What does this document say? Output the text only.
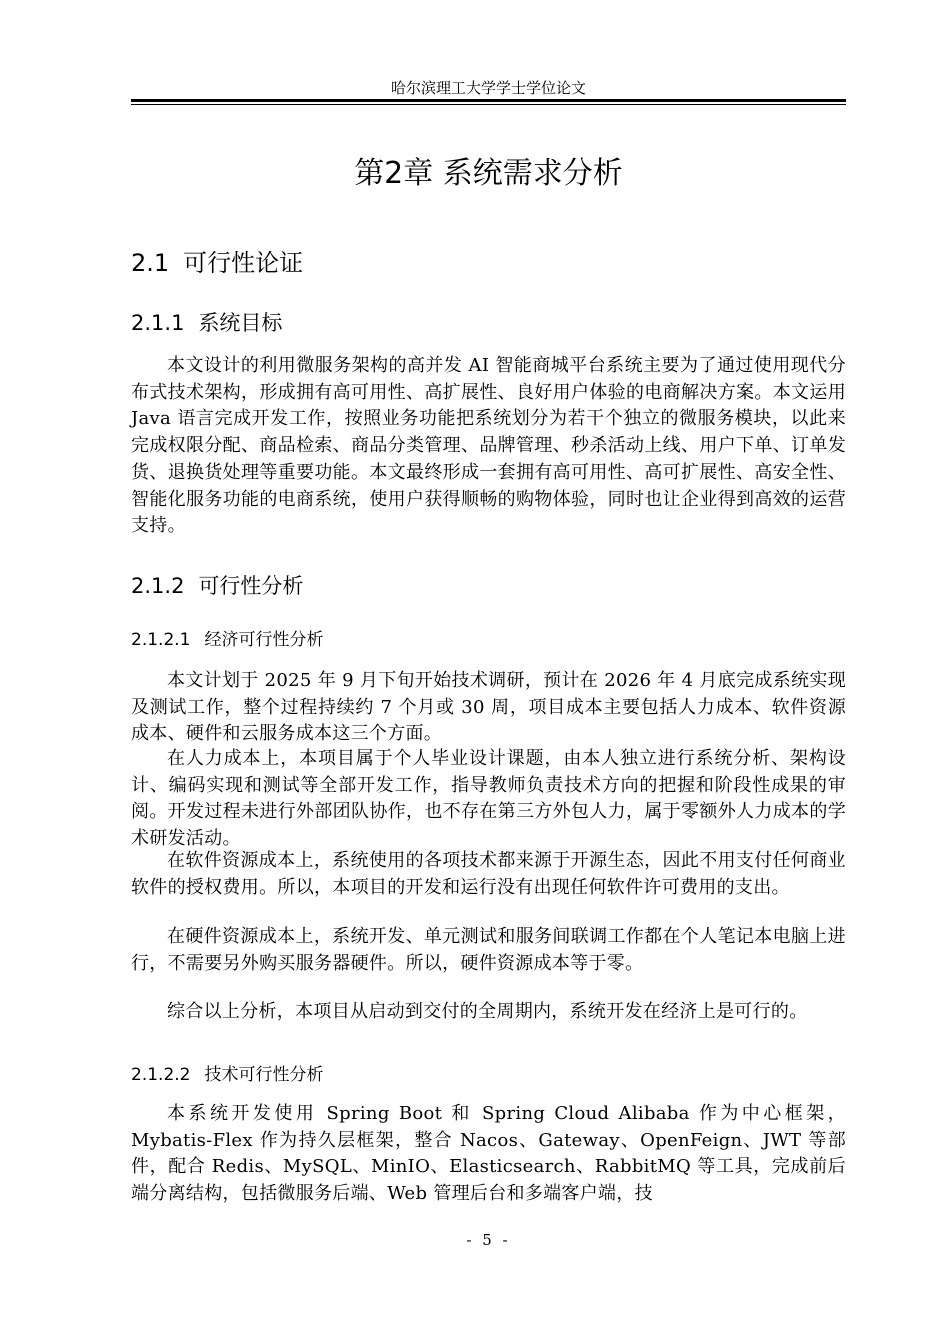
哈尔滨理工大学学士学位论文
第2章 系统需求分析
2.1 可行性论证
2.1.1 系统目标

本文设计的利用微服务架构的高并发 AI 智能商城平台系统主要为了通过使用现代分布式技术架构，形成拥有高可用性、高扩展性、良好用户体验的电商解决方案。本文运用 Java 语言完成开发工作，按照业务功能把系统划分为若干个独立的微服务模块，以此来完成权限分配、商品检索、商品分类管理、品牌管理、秒杀活动上线、用户下单、订单发货、退换货处理等重要功能。本文最终形成一套拥有高可用性、高可扩展性、高安全性、智能化服务功能的电商系统，使用户获得顺畅的购物体验，同时也让企业得到高效的运营支持。

2.1.2 可行性分析
2.1.2.1 经济可行性分析

本文计划于 2025 年 9 月下旬开始技术调研，预计在 2026 年 4 月底完成系统实现及测试工作，整个过程持续约 7 个月或 30 周，项目成本主要包括人力成本、软件资源成本、硬件和云服务成本这三个方面。

在人力成本上，本项目属于个人毕业设计课题，由本人独立进行系统分析、架构设计、编码实现和测试等全部开发工作，指导教师负责技术方向的把握和阶段性成果的审阅。开发过程未进行外部团队协作，也不存在第三方外包人力，属于零额外人力成本的学术研发活动。

在软件资源成本上，系统使用的各项技术都来源于开源生态，因此不用支付任何商业软件的授权费用。所以，本项目的开发和运行没有出现任何软件许可费用的支出。

在硬件资源成本上，系统开发、单元测试和服务间联调工作都在个人笔记本电脑上进行，不需要另外购买服务器硬件。所以，硬件资源成本等于零。

综合以上分析，本项目从启动到交付的全周期内，系统开发在经济上是可行的。

2.1.2.2 技术可行性分析

本系统开发使用 Spring Boot 和 Spring Cloud Alibaba 作为中心框架，Mybatis-Flex 作为持久层框架，整合 Nacos、Gateway、OpenFeign、JWT 等部件，配合 Redis、MySQL、MinIO、Elasticsearch、RabbitMQ 等工具，完成前后端分离结构，包括微服务后端、Web 管理后台和多端客户端，技

- 5 -
